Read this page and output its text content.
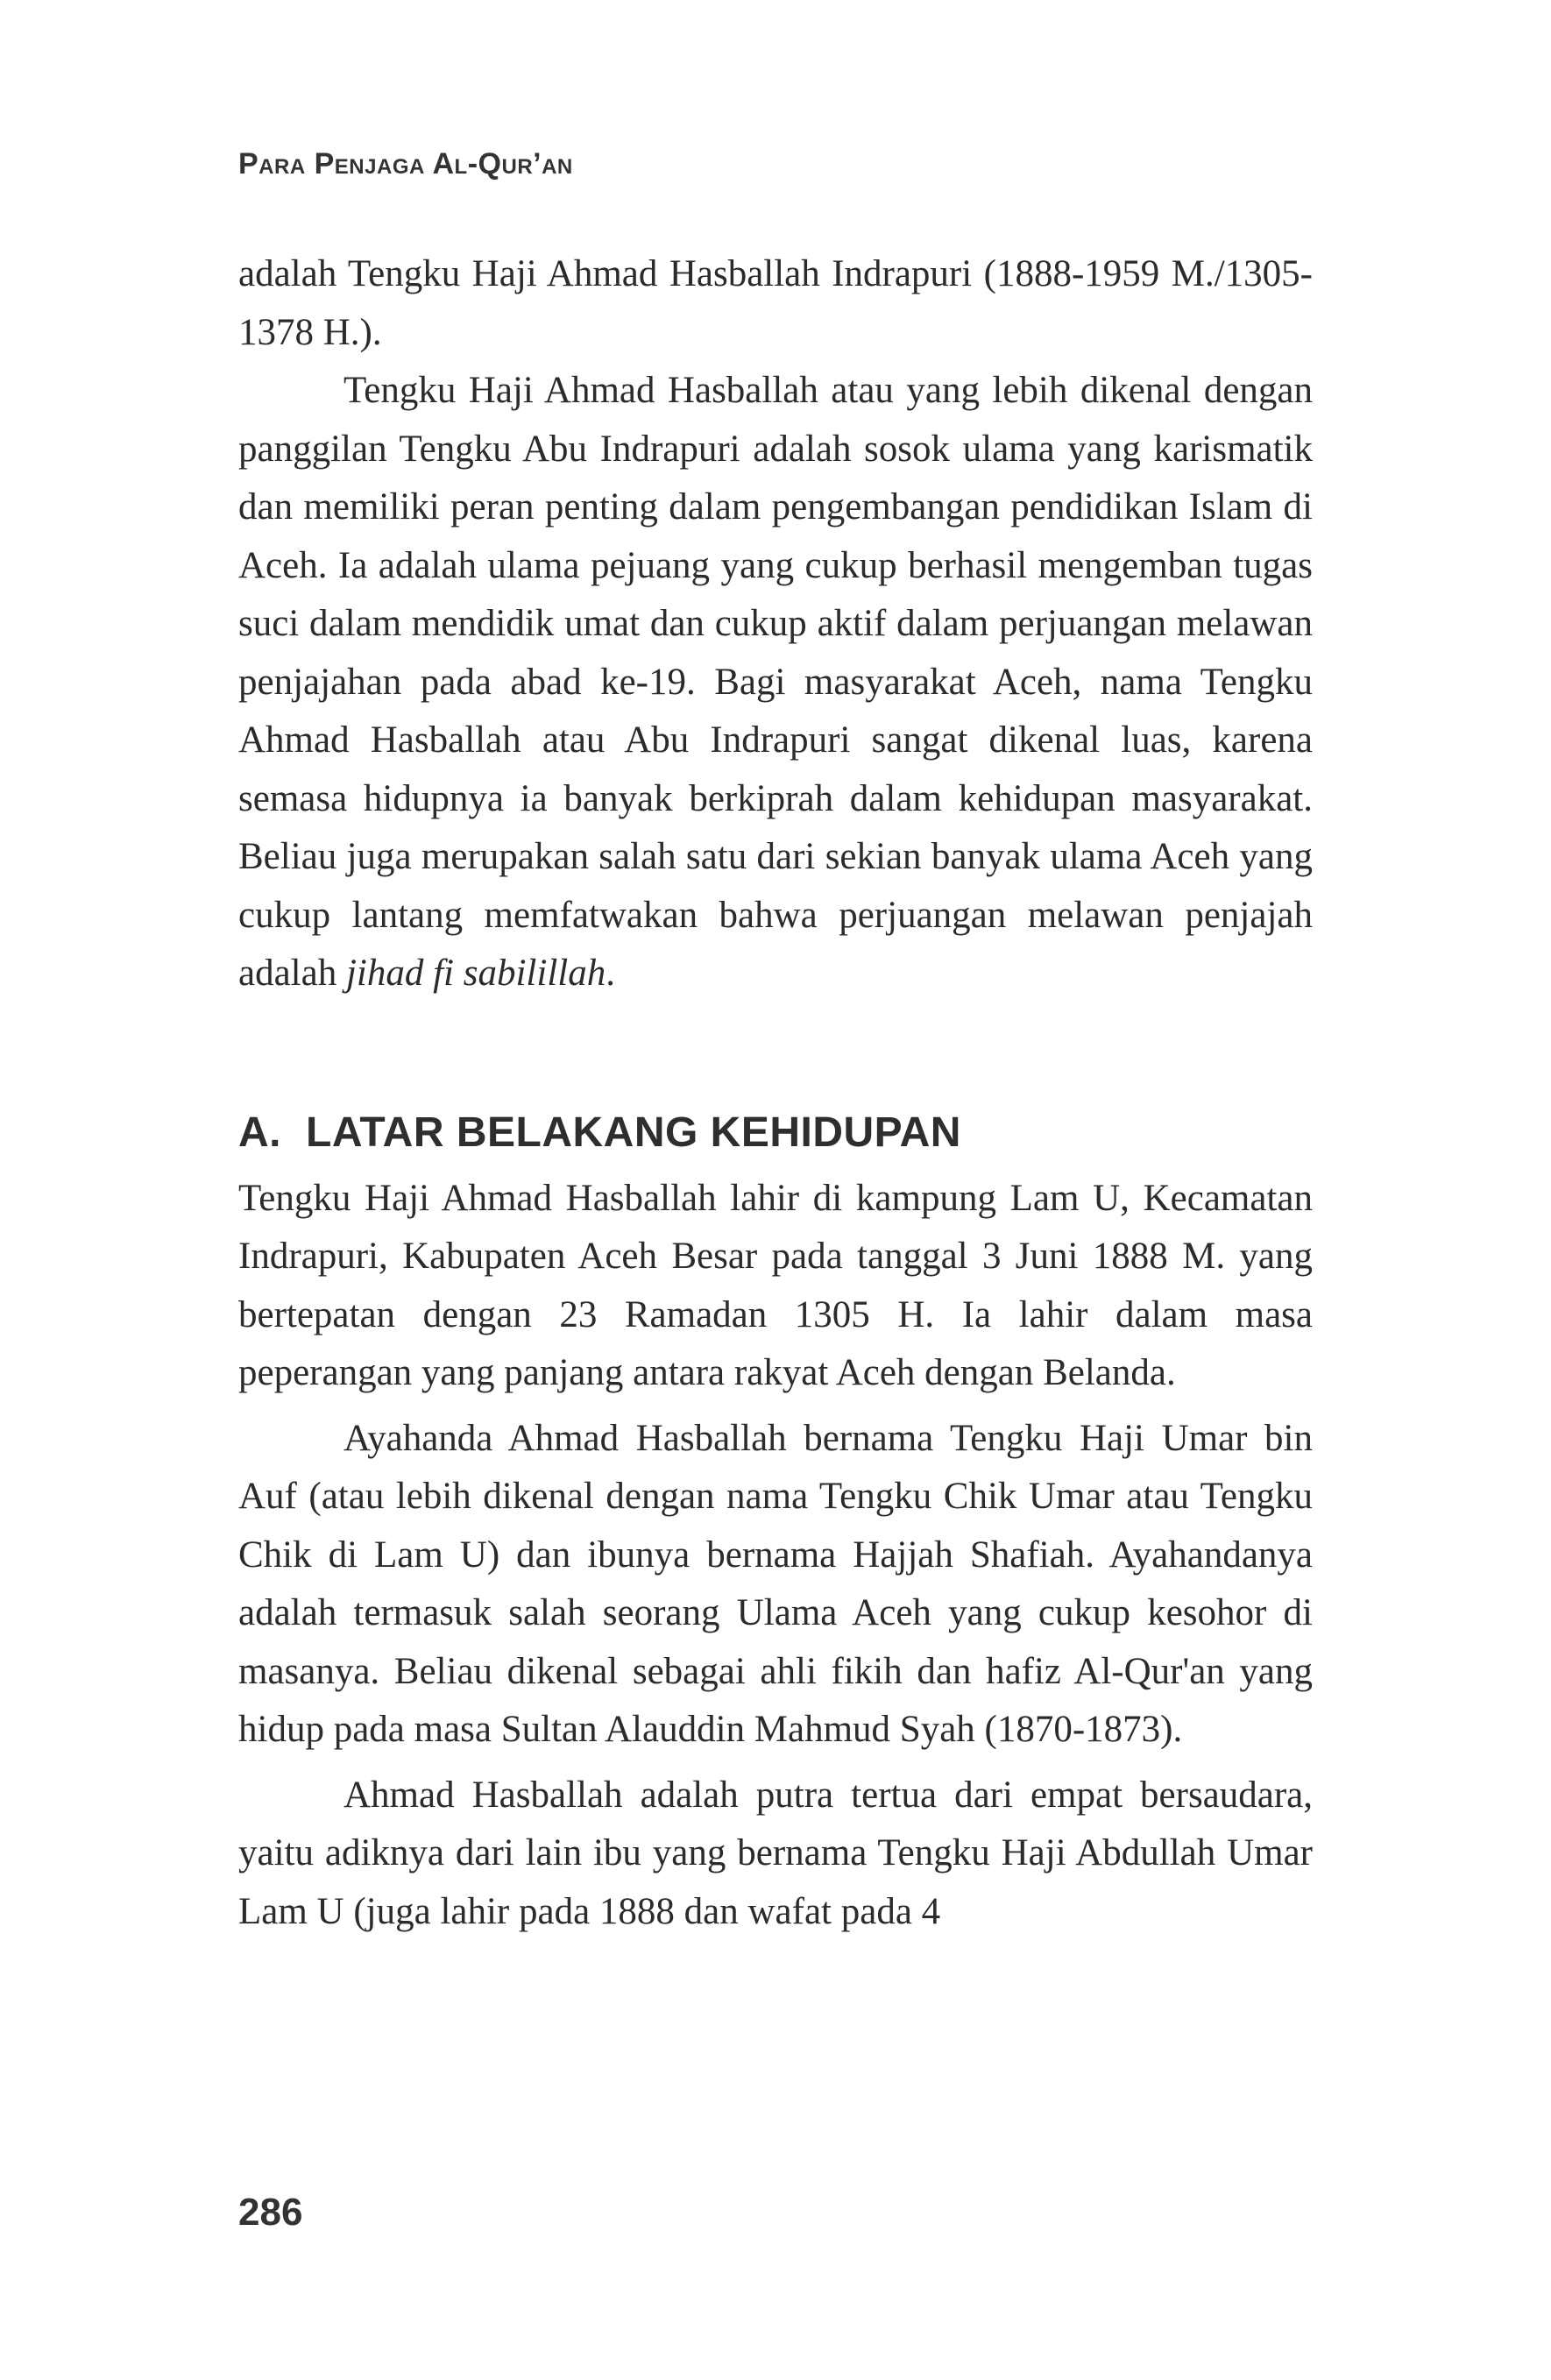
Para Penjaga Al-Qur’an

adalah Tengku Haji Ahmad Hasballah Indrapuri (1888-1959 M./1305-1378 H.).

Tengku Haji Ahmad Hasballah atau yang lebih dikenal dengan panggilan Tengku Abu Indrapuri adalah sosok ulama yang karismatik dan memiliki peran penting dalam pengembangan pendidikan Islam di Aceh. Ia adalah ulama pejuang yang cukup berhasil mengemban tugas suci dalam mendidik umat dan cukup aktif dalam perjuangan melawan penjajahan pada abad ke-19. Bagi masyarakat Aceh, nama Tengku Ahmad Hasballah atau Abu Indrapuri sangat dikenal luas, karena semasa hidupnya ia banyak berkiprah dalam kehidupan masyarakat. Beliau juga merupakan salah satu dari sekian banyak ulama Aceh yang cukup lantang memfatwakan bahwa perjuangan melawan penjajah adalah jihad fi sabilillah.

A. LATAR BELAKANG KEHIDUPAN

Tengku Haji Ahmad Hasballah lahir di kampung Lam U, Kecamatan Indrapuri, Kabupaten Aceh Besar pada tanggal 3 Juni 1888 M. yang bertepatan dengan 23 Ramadan 1305 H. Ia lahir dalam masa peperangan yang panjang antara rakyat Aceh dengan Belanda.

Ayahanda Ahmad Hasballah bernama Tengku Haji Umar bin Auf (atau lebih dikenal dengan nama Tengku Chik Umar atau Tengku Chik di Lam U) dan ibunya bernama Hajjah Shafiah. Ayahandanya adalah termasuk salah seorang Ulama Aceh yang cukup kesohor di masanya. Beliau dikenal sebagai ahli fikih dan hafiz Al-Qur'an yang hidup pada masa Sultan Alauddin Mahmud Syah (1870-1873).

Ahmad Hasballah adalah putra tertua dari empat bersaudara, yaitu adiknya dari lain ibu yang bernama Tengku Haji Abdullah Umar Lam U (juga lahir pada 1888 dan wafat pada 4

286
